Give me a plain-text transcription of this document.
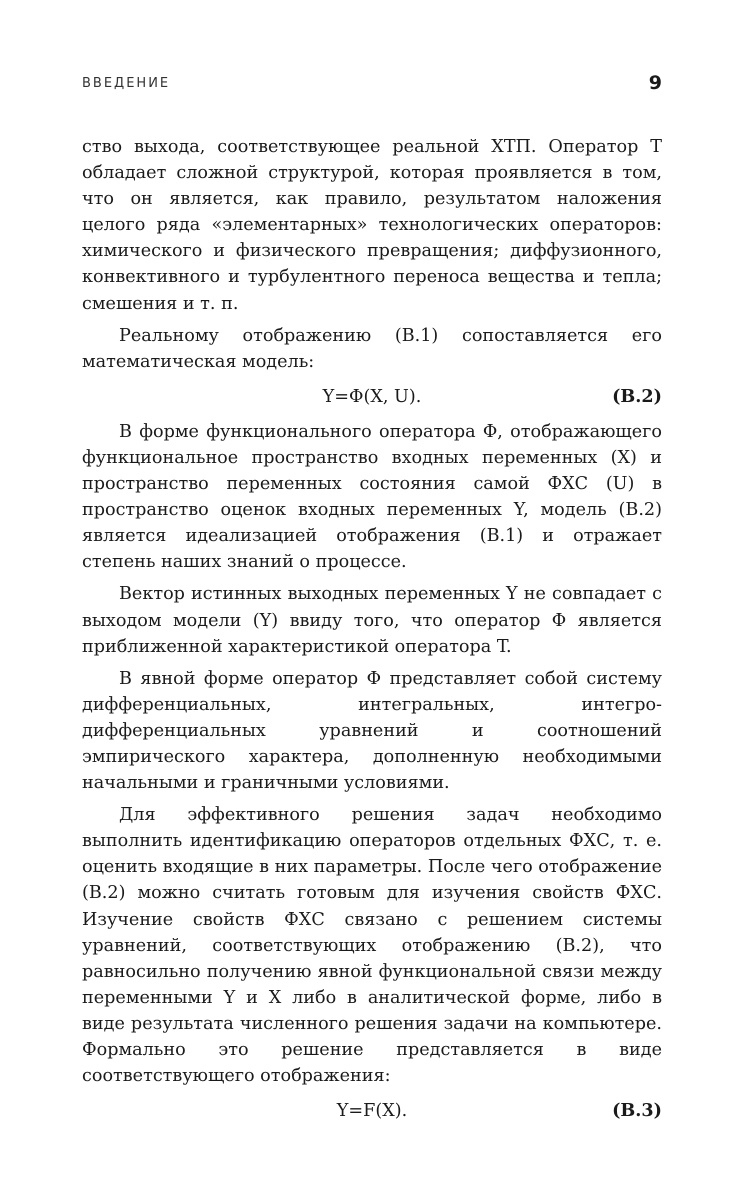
ВВЕДЕНИЕ	9

ство выхода, соответствующее реальной ХТП. Оператор T обладает сложной структурой, которая проявляется в том, что он является, как правило, результатом наложения целого ряда «элементарных» технологических операторов: химического и физического превращения; диффузионного, конвективного и турбулентного переноса вещества и тепла; смешения и т. п.

Реальному отображению (В.1) сопоставляется его математическая модель:

Y=Φ(X, U).	(В.2)

В форме функционального оператора Φ, отображающего функциональное пространство входных переменных (X) и пространство переменных состояния самой ФХС (U) в пространство оценок входных переменных Y, модель (В.2) является идеализацией отображения (В.1) и отражает степень наших знаний о процессе.

Вектор истинных выходных переменных Y не совпадает с выходом модели (Y) ввиду того, что оператор Φ является приближенной характеристикой оператора T.

В явной форме оператор Φ представляет собой систему дифференциальных, интегральных, интегро-дифференциальных уравнений и соотношений эмпирического характера, дополненную необходимыми начальными и граничными условиями.

Для эффективного решения задач необходимо выполнить идентификацию операторов отдельных ФХС, т. е. оценить входящие в них параметры. После чего отображение (В.2) можно считать готовым для изучения свойств ФХС. Изучение свойств ФХС связано с решением системы уравнений, соответствующих отображению (В.2), что равносильно получению явной функциональной связи между переменными Y и X либо в аналитической форме, либо в виде результата численного решения задачи на компьютере. Формально это решение представляется в виде соответствующего отображения:

Y=F(X).	(В.3)
